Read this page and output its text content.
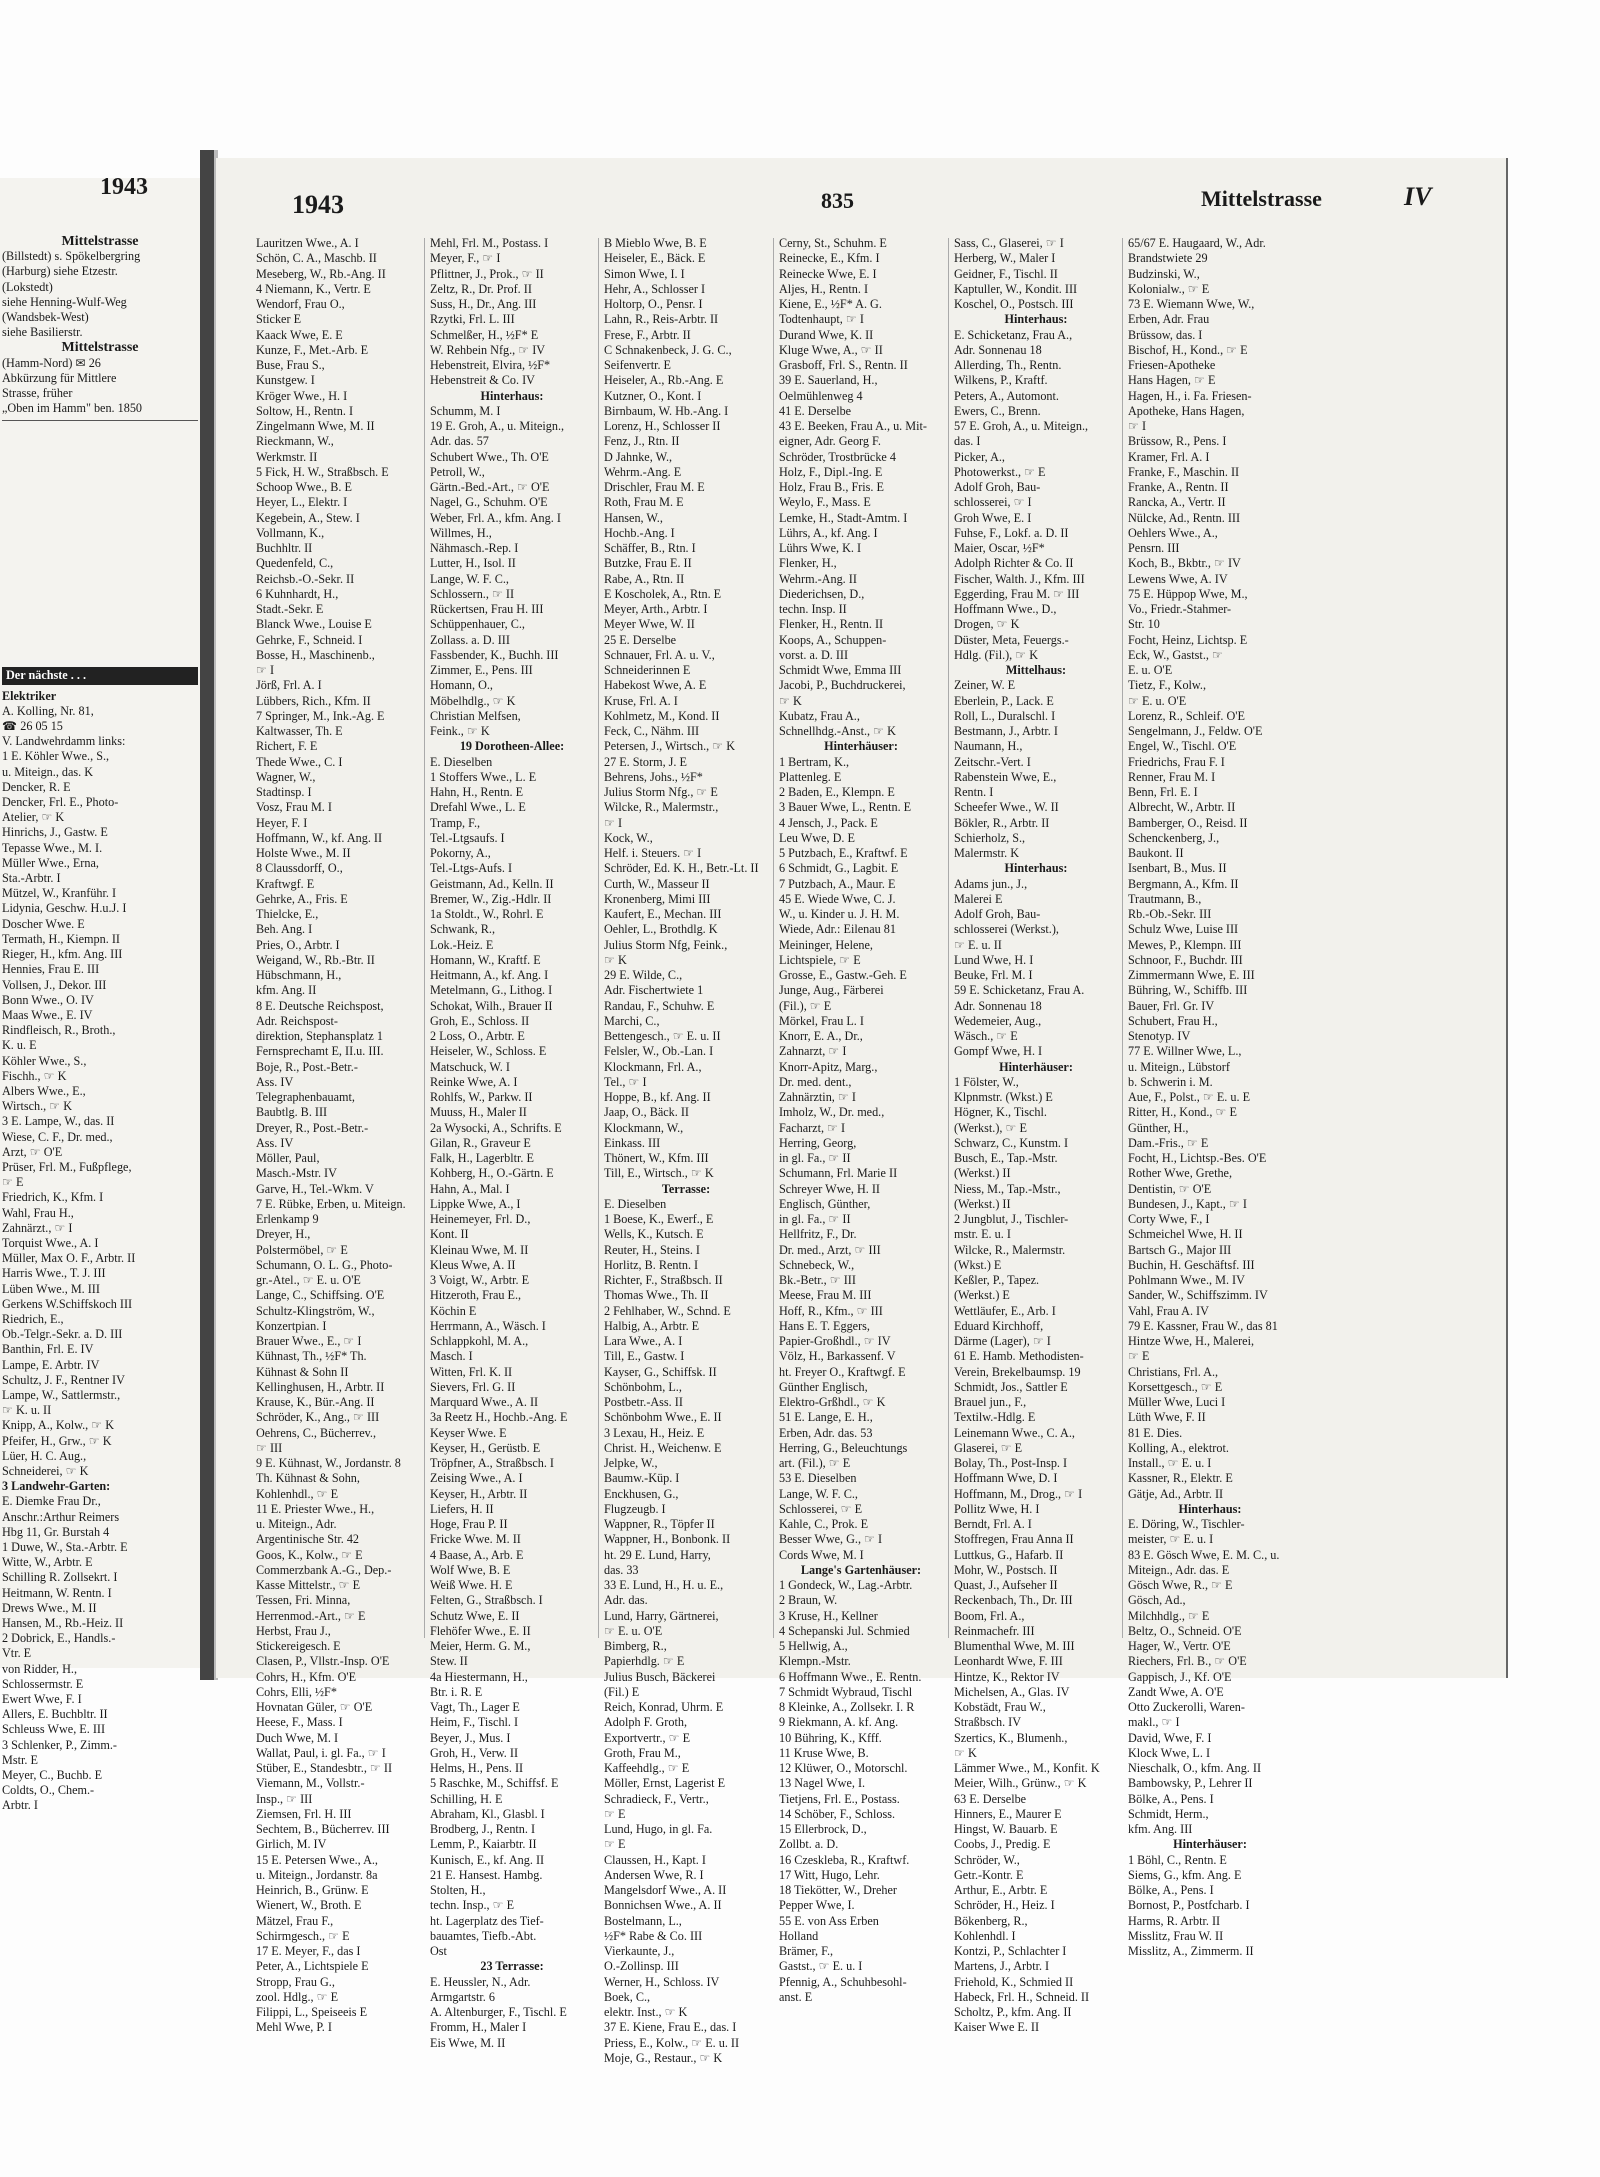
1943
Mittelstrasse
(Billstedt) s. Spökelbergring
(Harburg) siehe Etzestr.
(Lokstedt)
siehe Henning-Wulf-Weg
(Wandsbek-West)
siehe Basilierstr.
Mittelstrasse
(Hamm-Nord) ✉ 26
Abkürzung für Mittlere
Strasse, früher
„Oben im Hamm" ben. 1850
Der nächste . . .
Elektriker
A. Kolling, Nr. 81,
☎ 26 05 15
V. Landwehrdamm links:
1 E. Köhler Wwe., S.,
u. Miteign., das. K
Dencker, R. E
Dencker, Frl. E., Photo-
Atelier, ☞ K
Hinrichs, J., Gastw. E
Tepasse Wwe., M. I.
Müller Wwe., Erna,
Sta.-Arbtr. I
Mützel, W., Kranführ. I
Lidynia, Geschw. H.u.J. I
Doscher Wwe. E
Termath, H., Kiempn. II
Rieger, H., kfm. Ang. III
Hennies, Frau E. III
Vollsen, J., Dekor. III
Bonn Wwe., O. IV
Maas Wwe., E. IV
Rindfleisch, R., Broth.,
K. u. E
Köhler Wwe., S.,
Fischh., ☞ K
Albers Wwe., E.,
Wirtsch., ☞ K
3 E. Lampe, W., das. II
Wiese, C. F., Dr. med.,
Arzt, ☞ O'E
Prüser, Frl. M., Fußpflege,
☞ E
Friedrich, K., Kfm. I
Wahl, Frau H.,
Zahnärzt., ☞ I
Torquist Wwe., A. I
Müller, Max O. F., Arbtr. II
Harris Wwe., T. J. III
Lüben Wwe., M. III
Gerkens W.Schiffskoch III
Riedrich, E.,
Ob.-Telgr.-Sekr. a. D. III
Banthin, Frl. E. IV
Lampe, E. Arbtr. IV
Schultz, J. F., Rentner IV
Lampe, W., Sattlermstr.,
☞ K. u. II
Knipp, A., Kolw., ☞ K
Pfeifer, H., Grw., ☞ K
Lüer, H. C. Aug.,
Schneiderei, ☞ K
3 Landwehr-Garten:
E. Diemke Frau Dr.,
Anschr.:Arthur Reimers
Hbg 11, Gr. Burstah 4
1 Duwe, W., Sta.-Arbtr. E
Witte, W., Arbtr. E
Schilling R. Zollsekrt. I
Heitmann, W. Rentn. I
Drews Wwe., M. II
Hansen, M., Rb.-Heiz. II
2 Dobrick, E., Handls.-
Vtr. E
von Ridder, H.,
Schlossermstr. E
Ewert Wwe, F. I
Allers, E. Buchbltr. II
Schleuss Wwe, E. III
3 Schlenker, P., Zimm.-
Mstr. E
Meyer, C., Buchb. E
Coldts, O., Chem.-
Arbtr. I
1943	835	Mittelstrasse	IV
Lauritzen Wwe., A. I
Schön, C. A., Maschb. II
Meseberg, W., Rb.-Ang. II
4 Niemann, K., Vertr. E
Wendorf, Frau O.,
Sticker E
Kaack Wwe, E. E
Kunze, F., Met.-Arb. E
Buse, Frau S.,
Kunstgew. I
Kröger Wwe., H. I
Soltow, H., Rentn. I
Zingelmann Wwe, M. II
Rieckmann, W.,
Werkmstr. II
5 Fick, H. W., Straßbsch. E
Schoop Wwe., B. E
Heyer, L., Elektr. I
Kegebein, A., Stew. I
Vollmann, K.,
Buchhltr. II
Quedenfeld, C.,
Reichsb.-O.-Sekr. II
6 Kuhnhardt, H.,
Stadt.-Sekr. E
Blanck Wwe., Louise E
Gehrke, F., Schneid. I
Bosse, H., Maschinenb.,
☞ I
Jörß, Frl. A. I
Lübbers, Rich., Kfm. II
7 Springer, M., Ink.-Ag. E
Kaltwasser, Th. E
Richert, F. E
Thede Wwe., C. I
Wagner, W.,
Stadtinsp. I
Vosz, Frau M. I
Heyer, F. I
Hoffmann, W., kf. Ang. II
Holste Wwe., M. II
8 Claussdorff, O.,
Kraftwgf. E
Gehrke, A., Fris. E
Thielcke, E.,
Beh. Ang. I
Pries, O., Arbtr. I
Weigand, W., Rb.-Btr. II
Hübschmann, H.,
kfm. Ang. II
8 E. Deutsche Reichspost,
Adr. Reichspost-
direktion, Stephansplatz 1
Fernsprechamt E, II.u. III.
Boje, R., Post.-Betr.-
Ass. IV
Telegraphenbauamt,
Baubtlg. B. III
Dreyer, R., Post.-Betr.-
Ass. IV
Möller, Paul,
Masch.-Mstr. IV
Garve, H., Tel.-Wkm. V
7 E. Rübke, Erben, u. Miteign.
Erlenkamp 9
Dreyer, H.,
Polstermöbel, ☞ E
Schumann, O. L. G., Photo-
gr.-Atel., ☞ E. u. O'E
Lange, C., Schiffsing. O'E
Schultz-Klingström, W.,
Konzertpian. I
Brauer Wwe., E., ☞ I
Kühnast, Th., ½F* Th.
Kühnast & Sohn II
Kellinghusen, H., Arbtr. II
Krause, K., Bür.-Ang. II
Schröder, K., Ang., ☞ III
Oehrens, C., Bücherrev.,
☞ III
9 E. Kühnast, W., Jordanstr. 8
Th. Kühnast & Sohn,
Kohlenhdl., ☞ E
11 E. Priester Wwe., H.,
u. Miteign., Adr.
Argentinische Str. 42
Goos, K., Kolw., ☞ E
Commerzbank A.-G., Dep.-
Kasse Mittelstr., ☞ E
Tessen, Fri. Minna,
Herrenmod.-Art., ☞ E
Herbst, Frau J.,
Stickereigesch. E
Clasen, P., Vllstr.-Insp. O'E
Cohrs, H., Kfm. O'E
Cohrs, Elli, ½F*
Hovnatan Güler, ☞ O'E
Heese, F., Mass. I
Duch Wwe, M. I
Wallat, Paul, i. gl. Fa., ☞ I
Stüber, E., Standesbtr., ☞ II
Viemann, M., Vollstr.-
Insp., ☞ III
Ziemsen, Frl. H. III
Sechtem, B., Bücherrev. III
Girlich, M. IV
15 E. Petersen Wwe., A.,
u. Miteign., Jordanstr. 8a
Heinrich, B., Grünw. E
Wienert, W., Broth. E
Mätzel, Frau F.,
Schirmgesch., ☞ E
17 E. Meyer, F., das I
Peter, A., Lichtspiele E
Stropp, Frau G.,
zool. Hdlg., ☞ E
Filippi, L., Speiseeis E
Mehl Wwe, P. I
Mehl, Frl. M., Postass. I
Meyer, F., ☞ I
Pflittner, J., Prok., ☞ II
Zeltz, R., Dr. Prof. II
Suss, H., Dr., Ang. III
Rzytki, Frl. L. III
Schmelßer, H., ½F* E
W. Rehbein Nfg., ☞ IV
Hebenstreit, Elvira, ½F*
Hebenstreit & Co. IV
Hinterhaus:
Schumm, M. I
19 E. Groh, A., u. Miteign.,
Adr. das. 57
Schubert Wwe., Th. O'E
Petroll, W.,
Gärtn.-Bed.-Art., ☞ O'E
Nagel, G., Schuhm. O'E
Weber, Frl. A., kfm. Ang. I
Willmes, H.,
Nähmasch.-Rep. I
Lutter, H., Isol. II
Lange, W. F. C.,
Schlossern., ☞ II
Rückertsen, Frau H. III
Schüppenhauer, C.,
Zollass. a. D. III
Fassbender, K., Buchh. III
Zimmer, E., Pens. III
Homann, O.,
Möbelhdlg., ☞ K
Christian Melfsen,
Feink., ☞ K
19 Dorotheen-Allee:
E. Dieselben
1 Stoffers Wwe., L. E
Hahn, H., Rentn. E
Drefahl Wwe., L. E
Tramp, F.,
Tel.-Ltgsaufs. I
Pokorny, A.,
Tel.-Ltgs-Aufs. I
Geistmann, Ad., Kelln. II
Bremer, W., Zig.-Hdlr. II
1a Stoldt., W., Rohrl. E
Schwank, R.,
Lok.-Heiz. E
Homann, W., Kraftf. E
Heitmann, A., kf. Ang. I
Metelmann, G., Lithog. I
Schokat, Wilh., Brauer II
Groh, E., Schloss. II
2 Loss, O., Arbtr. E
Heiseler, W., Schloss. E
Matschuck, W. I
Reinke Wwe, A. I
Rohlfs, W., Parkw. II
Muuss, H., Maler II
2a Wysocki, A., Schrifts. E
Gilan, R., Graveur E
Falk, H., Lagerbltr. E
Kohberg, H., O.-Gärtn. E
Hahn, A., Mal. I
Lippke Wwe, A., I
Heinemeyer, Frl. D.,
Kont. II
Kleinau Wwe, M. II
Kleus Wwe, A. II
3 Voigt, W., Arbtr. E
Hitzeroth, Frau E.,
Köchin E
Herrmann, A., Wäsch. I
Schlappkohl, M. A.,
Masch. I
Witten, Frl. K. II
Sievers, Frl. G. II
Marquard Wwe., A. II
3a Reetz H., Hochb.-Ang. E
Keyser Wwe. E
Keyser, H., Gerüstb. E
Tröpfner, A., Straßbsch. I
Zeising Wwe., A. I
Keyser, H., Arbtr. II
Liefers, H. II
Hoge, Frau P. II
Fricke Wwe. M. II
4 Baase, A., Arb. E
Wolf Wwe, B. E
Weiß Wwe. H. E
Felten, G., Straßbsch. I
Schutz Wwe, E. II
Flehöfer Wwe., E. II
Meier, Herm. G. M.,
Stew. II
4a Hiestermann, H.,
Btr. i. R. E
Vagt, Th., Lager E
Heim, F., Tischl. I
Beyer, J., Mus. I
Groh, H., Verw. II
Helms, H., Pens. II
5 Raschke, M., Schiffsf. E
Schilling, H. E
Abraham, Kl., Glasbl. I
Brodberg, J., Rentn. I
Lemm, P., Kaiarbtr. II
Kunisch, E., kf. Ang. II
21 E. Hansest. Hambg.
Stolten, H.,
techn. Insp., ☞ E
ht. Lagerplatz des Tief-
bauamtes, Tiefb.-Abt.
Ost
23 Terrasse:
E. Heussler, N., Adr.
Armgartstr. 6
A. Altenburger, F., Tischl. E
Fromm, H., Maler I
Eis Wwe, M. II
B Mieblo Wwe, B. E
Heiseler, E., Bäck. E
Simon Wwe, I. I
Hehr, A., Schlosser I
Holtorp, O., Pensr. I
Lahn, R., Reis-Arbtr. II
Frese, F., Arbtr. II
C Schnakenbeck, J. G. C.,
Seifenvertr. E
Heiseler, A., Rb.-Ang. E
Kutzner, O., Kont. I
Birnbaum, W. Hb.-Ang. I
Lorenz, H., Schlosser II
Fenz, J., Rtn. II
D Jahnke, W.,
Wehrm.-Ang. E
Drischler, Frau M. E
Roth, Frau M. E
Hansen, W.,
Hochb.-Ang. I
Schäffer, B., Rtn. I
Butzke, Frau E. II
Rabe, A., Rtn. II
E Koscholek, A., Rtn. E
Meyer, Arth., Arbtr. I
Meyer Wwe, W. II
25 E. Derselbe
Schnauer, Frl. A. u. V.,
Schneiderinnen E
Habekost Wwe, A. E
Kruse, Frl. A. I
Kohlmetz, M., Kond. II
Feck, C., Nähm. III
Petersen, J., Wirtsch., ☞ K
27 E. Storm, J. E
Behrens, Johs., ½F*
Julius Storm Nfg., ☞ E
Wilcke, R., Malermstr.,
☞ I
Kock, W.,
Helf. i. Steuers. ☞ I
Schröder, Ed. K. H., Betr.-Lt. II
Curth, W., Masseur II
Kronenberg, Mimi III
Kaufert, E., Mechan. III
Oehler, L., Brothdlg. K
Julius Storm Nfg, Feink.,
☞ K
29 E. Wilde, C.,
Adr. Fischertwiete 1
Randau, F., Schuhw. E
Marchi, C.,
Bettengesch., ☞ E. u. II
Felsler, W., Ob.-Lan. I
Klockmann, Frl. A.,
Tel., ☞ I
Hoppe, B., kf. Ang. II
Jaap, O., Bäck. II
Klockmann, W.,
Einkass. III
Thönert, W., Kfm. III
Till, E., Wirtsch., ☞ K
Terrasse:
E. Dieselben
1 Boese, K., Ewerf., E
Wells, K., Kutsch. E
Reuter, H., Steins. I
Horlitz, B. Rentn. I
Richter, F., Straßbsch. II
Thomas Wwe., Th. II
2 Fehlhaber, W., Schnd. E
Halbig, A., Arbtr. E
Lara Wwe., A. I
Till, E., Gastw. I
Kayser, G., Schiffsk. II
Schönbohm, L.,
Postbetr.-Ass. II
Schönbohm Wwe., E. II
3 Lexau, H., Heiz. E
Christ. H., Weichenw. E
Jelpke, W.,
Baumw.-Küp. I
Enckhusen, G.,
Flugzeugb. I
Wappner, R., Töpfer II
Wappner, H., Bonbonk. II
ht. 29 E. Lund, Harry,
das. 33
33 E. Lund, H., H. u. E.,
Adr. das.
Lund, Harry, Gärtnerei,
☞ E. u. O'E
Bimberg, R.,
Papierhdlg. ☞ E
Julius Busch, Bäckerei
(Fil.) E
Reich, Konrad, Uhrm. E
Adolph F. Groth,
Exportvertr., ☞ E
Groth, Frau M.,
Kaffeehdlg., ☞ E
Möller, Ernst, Lagerist E
Schradieck, F., Vertr.,
☞ E
Lund, Hugo, in gl. Fa.
☞ E
Claussen, H., Kapt. I
Andersen Wwe, R. I
Mangelsdorf Wwe., A. II
Bonnichsen Wwe., A. II
Bostelmann, L.,
½F* Rabe & Co. III
Vierkaunte, J.,
O.-Zollinsp. III
Werner, H., Schloss. IV
Boek, C.,
elektr. Inst., ☞ K
37 E. Kiene, Frau E., das. I
Priess, E., Kolw., ☞ E. u. II
Moje, G., Restaur., ☞ K
Cerny, St., Schuhm. E
Reinecke, E., Kfm. I
Reinecke Wwe, E. I
Aljes, H., Rentn. I
Kiene, E., ½F* A. G.
Todtenhaupt, ☞ I
Durand Wwe, K. II
Kluge Wwe, A., ☞ II
Grasboff, Frl. S., Rentn. II
39 E. Sauerland, H.,
Oelmühlenweg 4
41 E. Derselbe
43 E. Beeken, Frau A., u. Mit-
eigner, Adr. Georg F.
Schröder, Trostbrücke 4
Holz, F., Dipl.-Ing. E
Holz, Frau B., Fris. E
Weylo, F., Mass. E
Lemke, H., Stadt-Amtm. I
Lührs, A., kf. Ang. I
Lührs Wwe, K. I
Flenker, H.,
Wehrm.-Ang. II
Diederichsen, D.,
techn. Insp. II
Flenker, H., Rentn. II
Koops, A., Schuppen-
vorst. a. D. III
Schmidt Wwe, Emma III
Jacobi, P., Buchdruckerei,
☞ K
Kubatz, Frau A.,
Schnellhdg.-Anst., ☞ K
Hinterhäuser:
1 Bertram, K.,
Plattenleg. E
2 Baden, E., Klempn. E
3 Bauer Wwe, L., Rentn. E
4 Jensch, J., Pack. E
Leu Wwe, D. E
5 Putzbach, E., Kraftwf. E
6 Schmidt, G., Lagbit. E
7 Putzbach, A., Maur. E
45 E. Wiede Wwe, C. J.
W., u. Kinder u. J. H. M.
Wiede, Adr.: Eilenau 81
Meininger, Helene,
Lichtspiele, ☞ E
Grosse, E., Gastw.-Geh. E
Junge, Aug., Färberei
(Fil.), ☞ E
Mörkel, Frau L. I
Knorr, E. A., Dr.,
Zahnarzt, ☞ I
Knorr-Apitz, Marg.,
Dr. med. dent.,
Zahnärztin, ☞ I
Imholz, W., Dr. med.,
Facharzt, ☞ I
Herring, Georg,
in gl. Fa., ☞ II
Schumann, Frl. Marie II
Schreyer Wwe, H. II
Englisch, Günther,
in gl. Fa., ☞ II
Hellfritz, F., Dr.
Dr. med., Arzt, ☞ III
Schnebeck, W.,
Bk.-Betr., ☞ III
Meese, Frau M. III
Hoff, R., Kfm., ☞ III
Hans E. T. Eggers,
Papier-Großhdl., ☞ IV
Völz, H., Barkassenf. V
ht. Freyer O., Kraftwgf. E
Günther Englisch,
Elektro-Grßhdl., ☞ K
51 E. Lange, E. H.,
Erben, Adr. das. 53
Herring, G., Beleuchtungs
art. (Fil.), ☞ E
53 E. Dieselben
Lange, W. F. C.,
Schlosserei, ☞ E
Kahle, C., Prok. E
Besser Wwe, G., ☞ I
Cords Wwe, M. I
Lange's Gartenhäuser:
1 Gondeck, W., Lag.-Arbtr.
2 Braun, W.
3 Kruse, H., Kellner
4 Schepanski Jul. Schmied
5 Hellwig, A.,
Klempn.-Mstr.
6 Hoffmann Wwe., E. Rentn.
7 Schmidt Wybraud, Tischl
8 Kleinke, A., Zollsekr. I. R
9 Riekmann, A. kf. Ang.
10 Bühring, K., Kfff.
11 Kruse Wwe, B.
12 Klüwer, O., Motorschl.
13 Nagel Wwe, I.
Tietjens, Frl. E., Postass.
14 Schöber, F., Schloss.
15 Ellerbrock, D.,
Zollbt. a. D.
16 Czeskleba, R., Kraftwf.
17 Witt, Hugo, Lehr.
18 Tiekötter, W., Dreher
Pepper Wwe, I.
55 E. von Ass Erben
Holland
Brämer, F.,
Gastst., ☞ E. u. I
Pfennig, A., Schuhbesohl-
anst. E
Sass, C., Glaserei, ☞ I
Herberg, W., Maler I
Geidner, F., Tischl. II
Kaptuller, W., Kondit. III
Koschel, O., Postsch. III
Hinterhaus:
E. Schicketanz, Frau A.,
Adr. Sonnenau 18
Allerding, Th., Rentn.
Wilkens, P., Kraftf.
Peters, A., Automont.
Ewers, C., Brenn.
57 E. Groh, A., u. Miteign.,
das. I
Picker, A.,
Photowerkst., ☞ E
Adolf Groh, Bau-
schlosserei, ☞ I
Groh Wwe, E. I
Fuhse, F., Lokf. a. D. II
Maier, Oscar, ½F*
Adolph Richter & Co. II
Fischer, Walth. J., Kfm. III
Eggerding, Frau M. ☞ III
Hoffmann Wwe., D.,
Drogen, ☞ K
Düster, Meta, Feuergs.-
Hdlg. (Fil.), ☞ K
Mittelhaus:
Zeiner, W. E
Eberlein, P., Lack. E
Roll, L., Duralschl. I
Bestmann, J., Arbtr. I
Naumann, H.,
Zeitschr.-Vert. I
Rabenstein Wwe, E.,
Rentn. I
Scheefer Wwe., W. II
Bökler, R., Arbtr. II
Schierholz, S.,
Malermstr. K
Hinterhaus:
Adams jun., J.,
Malerei E
Adolf Groh, Bau-
schlosserei (Werkst.),
☞ E. u. II
Lund Wwe, H. I
Beuke, Frl. M. I
59 E. Schicketanz, Frau A.
Adr. Sonnenau 18
Wedemeier, Aug.,
Wäsch., ☞ E
Gompf Wwe, H. I
Hinterhäuser:
1 Fölster, W.,
Klpnmstr. (Wkst.) E
Högner, K., Tischl.
(Werkst.), ☞ E
Schwarz, C., Kunstm. I
Busch, E., Tap.-Mstr.
(Werkst.) II
Niess, M., Tap.-Mstr.,
(Werkst.) II
2 Jungblut, J., Tischler-
mstr. E. u. I
Wilcke, R., Malermstr.
(Wkst.) E
Keßler, P., Tapez.
(Werkst.) E
Wettläufer, E., Arb. I
Eduard Kirchhoff,
Därme (Lager), ☞ I
61 E. Hamb. Methodisten-
Verein, Brekelbaumsp. 19
Schmidt, Jos., Sattler E
Brauel jun., F.,
Textilw.-Hdlg. E
Leinemann Wwe., C. A.,
Glaserei, ☞ E
Bolay, Th., Post-Insp. I
Hoffmann Wwe, D. I
Hoffmann, M., Drog., ☞ I
Pollitz Wwe, H. I
Berndt, Frl. A. I
Stoffregen, Frau Anna II
Luttkus, G., Hafarb. II
Mohr, W., Postsch. II
Quast, J., Aufseher II
Reckenbach, Th., Dr. III
Boom, Frl. A.,
Reinmachefr. III
Blumenthal Wwe, M. III
Leonhardt Wwe, F. III
Hintze, K., Rektor IV
Michelsen, A., Glas. IV
Kobstädt, Frau W.,
Straßbsch. IV
Szertics, K., Blumenh.,
☞ K
Lämmer Wwe., M., Konfit. K
Meier, Wilh., Grünw., ☞ K
63 E. Derselbe
Hinners, E., Maurer E
Hingst, W. Bauarb. E
Coobs, J., Predig. E
Schröder, W.,
Getr.-Kontr. E
Arthur, E., Arbtr. E
Schröder, H., Heiz. I
Bökenberg, R.,
Kohlenhdl. I
Kontzi, P., Schlachter I
Martens, J., Arbtr. I
Friehold, K., Schmied II
Habeck, Frl. H., Schneid. II
Scholtz, P., kfm. Ang. II
Kaiser Wwe E. II
65/67 E. Haugaard, W., Adr.
Brandstwiete 29
Budzinski, W.,
Kolonialw., ☞ E
73 E. Wiemann Wwe, W.,
Erben, Adr. Frau
Brüssow, das. I
Bischof, H., Kond., ☞ E
Friesen-Apotheke
Hans Hagen, ☞ E
Hagen, H., i. Fa. Friesen-
Apotheke, Hans Hagen,
☞ I
Brüssow, R., Pens. I
Kramer, Frl. A. I
Franke, F., Maschin. II
Franke, A., Rentn. II
Rancka, A., Vertr. II
Nülcke, Ad., Rentn. III
Oehlers Wwe., A.,
Pensrn. III
Koch, B., Bkbtr., ☞ IV
Lewens Wwe, A. IV
75 E. Hüppop Wwe, M.,
Vo., Friedr.-Stahmer-
Str. 10
Focht, Heinz, Lichtsp. E
Eck, W., Gastst., ☞
E. u. O'E
Tietz, F., Kolw.,
☞ E. u. O'E
Lorenz, R., Schleif. O'E
Sengelmann, J., Feldw. O'E
Engel, W., Tischl. O'E
Friedrichs, Frau F. I
Renner, Frau M. I
Benn, Frl. E. I
Albrecht, W., Arbtr. II
Bamberger, O., Reisd. II
Schenckenberg, J.,
Baukont. II
Isenbart, B., Mus. II
Bergmann, A., Kfm. II
Trautmann, B.,
Rb.-Ob.-Sekr. III
Schulz Wwe, Luise III
Mewes, P., Klempn. III
Schnoor, F., Buchdr. III
Zimmermann Wwe, E. III
Bühring, W., Schiffb. III
Bauer, Frl. Gr. IV
Schubert, Frau H.,
Stenotyp. IV
77 E. Willner Wwe, L.,
u. Miteign., Lübstorf
b. Schwerin i. M.
Aue, F., Polst., ☞ E. u. E
Ritter, H., Kond., ☞ E
Günther, H.,
Dam.-Fris., ☞ E
Focht, H., Lichtsp.-Bes. O'E
Rother Wwe, Grethe,
Dentistin, ☞ O'E
Bundesen, J., Kapt., ☞ I
Corty Wwe, F., I
Schmeichel Wwe, H. II
Bartsch G., Major III
Buchin, H. Geschäftsf. III
Pohlmann Wwe., M. IV
Sander, W., Schiffszimm. IV
Vahl, Frau A. IV
79 E. Kassner, Frau W., das 81
Hintze Wwe, H., Malerei,
☞ E
Christians, Frl. A.,
Korsettgesch., ☞ E
Müller Wwe, Luci I
Lüth Wwe, F. II
81 E. Dies.
Kolling, A., elektrot.
Install., ☞ E. u. I
Kassner, R., Elektr. E
Gätje, Ad., Arbtr. II
Hinterhaus:
E. Döring, W., Tischler-
meister, ☞ E. u. I
83 E. Gösch Wwe, E. M. C., u.
Miteign., Adr. das. E
Gösch Wwe, R., ☞ E
Gösch, Ad.,
Milchhdlg., ☞ E
Beltz, O., Schneid. O'E
Hager, W., Vertr. O'E
Riechers, Frl. B., ☞ O'E
Gappisch, J., Kf. O'E
Zandt Wwe, A. O'E
Otto Zuckerolli, Waren-
makl., ☞ I
David, Wwe, F. I
Klock Wwe, L. I
Nieschalk, O., kfm. Ang. II
Bambowsky, P., Lehrer II
Bölke, A., Pens. I
Schmidt, Herm.,
kfm. Ang. III
Hinterhäuser:
1 Böhl, C., Rentn. E
Siems, G., kfm. Ang. E
Bölke, A., Pens. I
Bornost, P., Postfcharb. I
Harms, R. Arbtr. II
Misslitz, Frau W. II
Misslitz, A., Zimmerm. II
